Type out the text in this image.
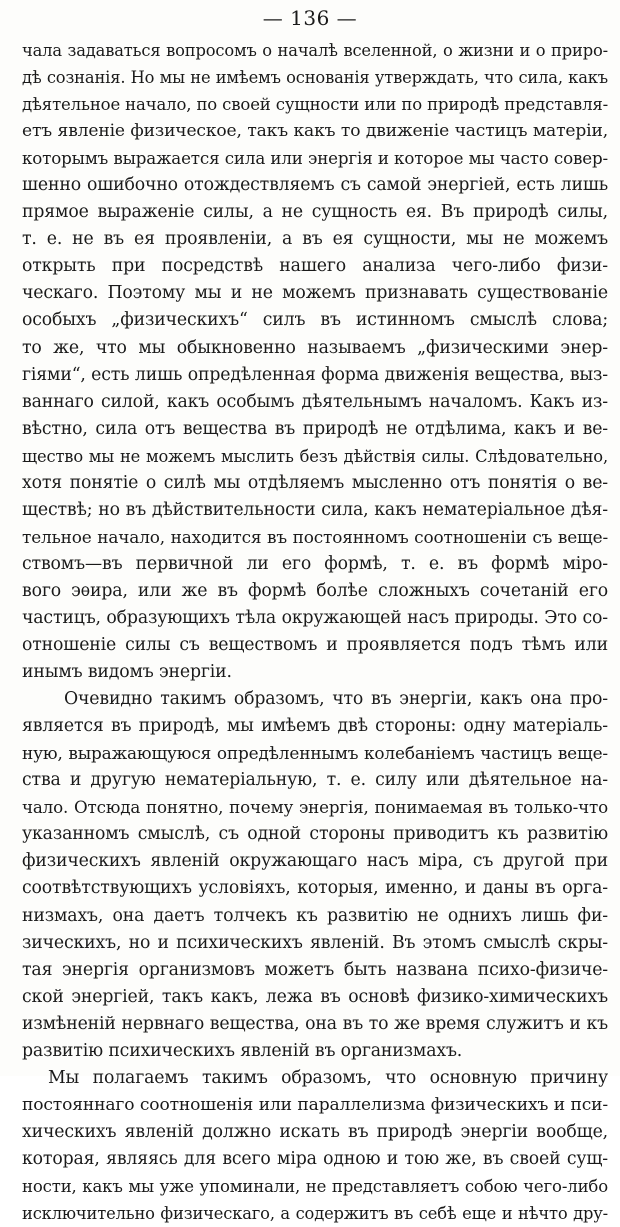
— 136 —
чала задаваться вопросомъ о началѣ вселенной, о жизни и о приро-
дѣ сознанія. Но мы не имѣемъ основанія утверждать, что сила, какъ
дѣятельное начало, по своей сущности или по природѣ представля-
етъ явленіе физическое, такъ какъ то движеніе частицъ матеріи,
которымъ выражается сила или энергія и которое мы часто совер-
шенно ошибочно отождествляемъ съ самой энергіей, есть лишь
прямое выраженіе силы, а не сущность ея. Въ природѣ силы,
т. е. не въ ея проявленіи, а въ ея сущности, мы не можемъ
открыть при посредствѣ нашего анализа чего-либо физи-
ческаго. Поэтому мы и не можемъ признавать существованіе
особыхъ „физическихъ“ силъ въ истинномъ смыслѣ слова;
то же, что мы обыкновенно называемъ „физическими энер-
гіями“, есть лишь опредѣленная форма движенія вещества, выз-
ваннаго силой, какъ особымъ дѣятельнымъ началомъ. Какъ из-
вѣстно, сила отъ вещества въ природѣ не отдѣлима, какъ и ве-
щество мы не можемъ мыслить безъ дѣйствія силы. Слѣдовательно,
хотя понятіе о силѣ мы отдѣляемъ мысленно отъ понятія о ве-
ществѣ; но въ дѣйствительности сила, какъ нематеріальное дѣя-
тельное начало, находится въ постоянномъ соотношеніи съ веще-
ствомъ—въ первичной ли его формѣ, т. е. въ формѣ міро-
вого эѳира, или же въ формѣ болѣе сложныхъ сочетаній его
частицъ, образующихъ тѣла окружающей насъ природы. Это со-
отношеніе силы съ веществомъ и проявляется подъ тѣмъ или
инымъ видомъ энергіи.
Очевидно такимъ образомъ, что въ энергіи, какъ она про-
является въ природѣ, мы имѣемъ двѣ стороны: одну матеріаль-
ную, выражающуюся опредѣленнымъ колебаніемъ частицъ веще-
ства и другую нематеріальную, т. е. силу или дѣятельное на-
чало. Отсюда понятно, почему энергія, понимаемая въ только-что
указанномъ смыслѣ, съ одной стороны приводитъ къ развитію
физическихъ явленій окружающаго насъ міра, съ другой при
соотвѣтствующихъ условіяхъ, которыя, именно, и даны въ орга-
низмахъ, она даетъ толчекъ къ развитію не однихъ лишь фи-
зическихъ, но и психическихъ явленій. Въ этомъ смыслѣ скры-
тая энергія организмовъ можетъ быть названа психо-физиче-
ской энергіей, такъ какъ, лежа въ основѣ физико-химическихъ
измѣненій нервнаго вещества, она въ то же время служитъ и къ
развитію психическихъ явленій въ организмахъ.
Мы полагаемъ такимъ образомъ, что основную причину
постояннаго соотношенія или параллелизма физическихъ и пси-
хическихъ явленій должно искать въ природѣ энергіи вообще,
которая, являясь для всего міра одною и тою же, въ своей сущ-
ности, какъ мы уже упоминали, не представляетъ собою чего-либо
исключительно физическаго, а содержитъ въ себѣ еще и нѣчто дру-
